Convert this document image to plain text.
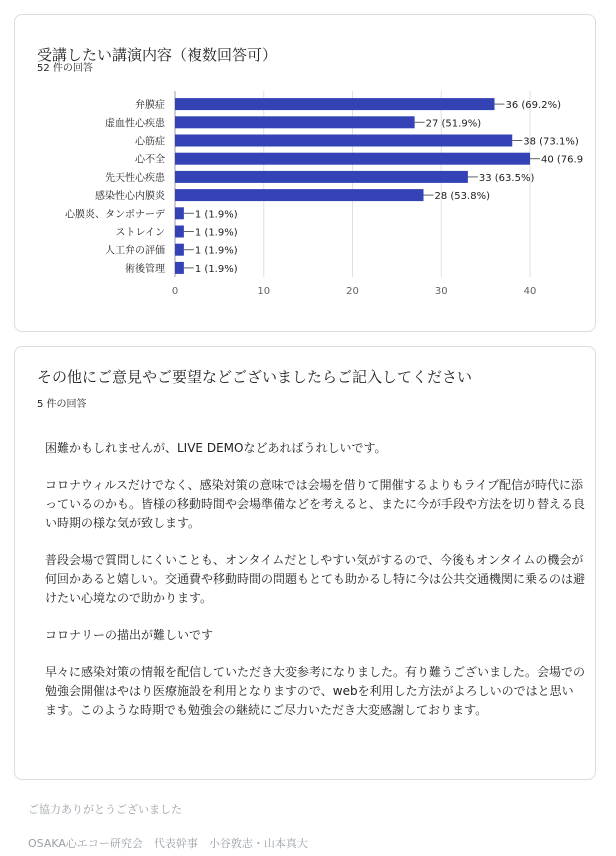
受講したい講演内容（複数回答可）
52 件の回答
0	10	20	30	40
弁膜症	36 (69.2%)
虚血性心疾患	27 (51.9%)
心筋症	38 (73.1%)
心不全	40 (76.9
先天性心疾患	33 (63.5%)
感染性心内膜炎	28 (53.8%)
心膜炎、タンポナーデ	1 (1.9%)
ストレイン	1 (1.9%)
人工弁の評価	1 (1.9%)
術後管理	1 (1.9%)
その他にご意見やご要望などございましたらご記入してください
5 件の回答

困難かもしれませんが、LIVE DEMOなどあればうれしいです。

コロナウィルスだけでなく、感染対策の意味では会場を借りて開催するよりもライブ配信が時代に添っているのかも。皆様の移動時間や会場準備などを考えると、またに今が手段や方法を切り替える良い時期の様な気が致します。

普段会場で質問しにくいことも、オンタイムだとしやすい気がするので、今後もオンタイムの機会が何回かあると嬉しい。交通費や移動時間の問題もとても助かるし特に今は公共交通機関に乗るのは避けたい心境なので助かります。

コロナリーの描出が難しいです

早々に感染対策の情報を配信していただき大変参考になりました。有り難うございました。会場での勉強会開催はやはり医療施設を利用となりますので、webを利用した方法がよろしいのではと思います。このような時期でも勉強会の継続にご尽力いただき大変感謝しております。

ご協力ありがとうございました
OSAKA心エコー研究会　代表幹事　小谷敦志・山本真大
